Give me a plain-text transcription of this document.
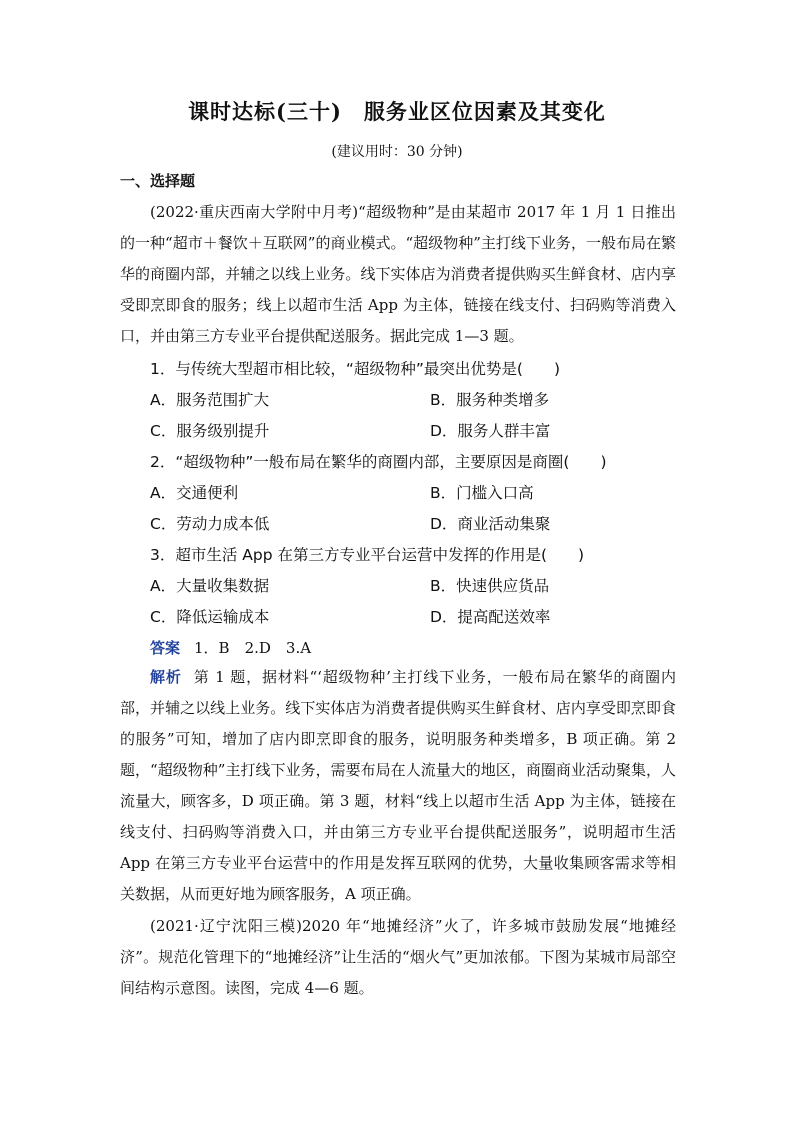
课时达标(三十)　服务业区位因素及其变化
(建议用时：30 分钟)
一、选择题

(2022·重庆西南大学附中月考)“超级物种”是由某超市 2017 年 1 月 1 日推出的一种“超市＋餐饮＋互联网”的商业模式。“超级物种”主打线下业务，一般布局在繁华的商圈内部，并辅之以线上业务。线下实体店为消费者提供购买生鲜食材、店内享受即烹即食的服务；线上以超市生活 App 为主体，链接在线支付、扫码购等消费入口，并由第三方专业平台提供配送服务。据此完成 1—3 题。

1．与传统大型超市相比较，“超级物种”最突出优势是(　　)
A．服务范围扩大	B．服务种类增多
C．服务级别提升	D．服务人群丰富
2．“超级物种”一般布局在繁华的商圈内部，主要原因是商圈(　　)
A．交通便利	B．门槛入口高
C．劳动力成本低	D．商业活动集聚
3．超市生活 App 在第三方专业平台运营中发挥的作用是(　　)
A．大量收集数据	B．快速供应货品
C．降低运输成本	D．提高配送效率
答案 1．B　2.D　3.A

解析 第 1 题，据材料“‘超级物种’主打线下业务，一般布局在繁华的商圈内部，并辅之以线上业务。线下实体店为消费者提供购买生鲜食材、店内享受即烹即食的服务”可知，增加了店内即烹即食的服务，说明服务种类增多，B 项正确。第 2 题，“超级物种”主打线下业务，需要布局在人流量大的地区，商圈商业活动聚集，人流量大，顾客多，D 项正确。第 3 题，材料“线上以超市生活 App 为主体，链接在线支付、扫码购等消费入口，并由第三方专业平台提供配送服务”，说明超市生活 App 在第三方专业平台运营中的作用是发挥互联网的优势，大量收集顾客需求等相关数据，从而更好地为顾客服务，A 项正确。

(2021·辽宁沈阳三模)2020 年“地摊经济”火了，许多城市鼓励发展“地摊经济”。规范化管理下的“地摊经济”让生活的“烟火气”更加浓郁。下图为某城市局部空间结构示意图。读图，完成 4—6 题。
